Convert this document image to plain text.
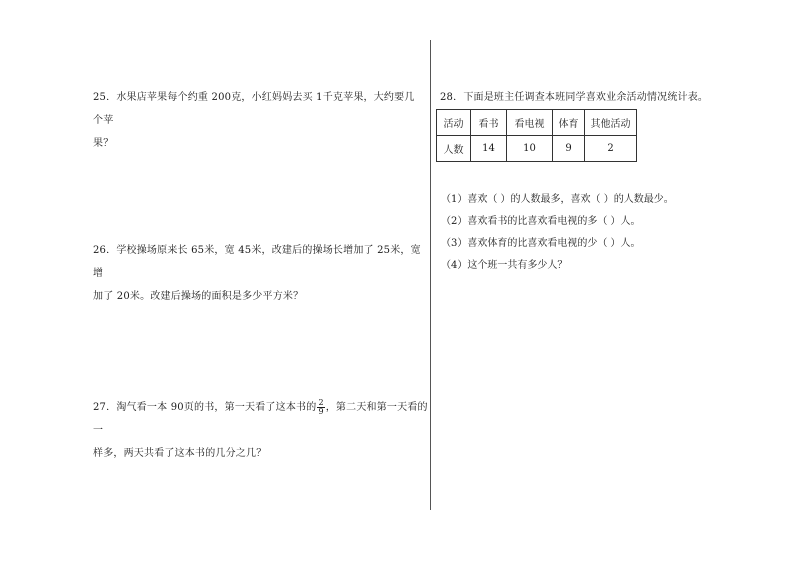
25．水果店苹果每个约重 200克，小红妈妈去买 1千克苹果，大约要几个苹
果？
26．学校操场原来长 65米，宽 45米，改建后的操场长增加了 25米，宽增
加了 20米。改建后操场的面积是多少平方米？
27．淘气看一本 90页的书，第一天看了这本书的 $\frac{2}{9}$ ，第二天和第一天看的一
样多，两天共看了这本书的几分之几？
28．下面是班主任调查本班同学喜欢业余活动情况统计表。
活动	看书	看电视	体育	其他活动
人数	14	10	9	2
（1）喜欢（ ）的人数最多，喜欢（ ）的人数最少。
（2）喜欢看书的比喜欢看电视的多（ ）人。
（3）喜欢体育的比喜欢看电视的少（ ）人。
（4）这个班一共有多少人？
